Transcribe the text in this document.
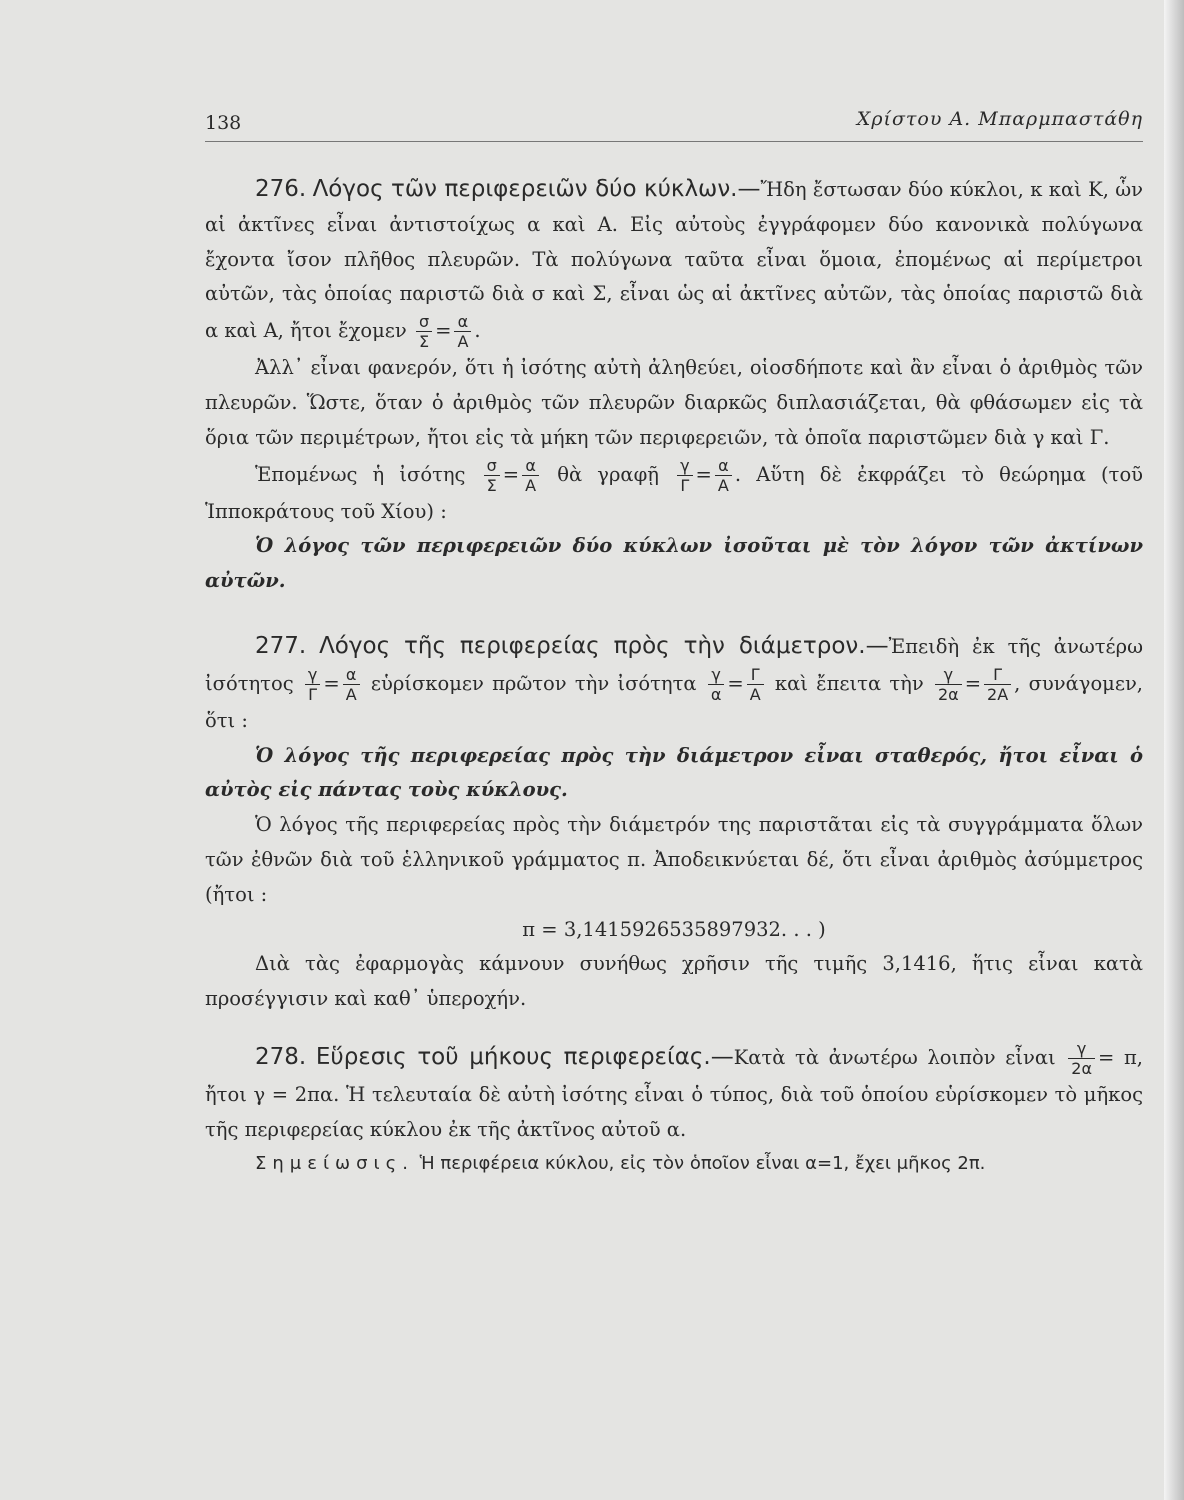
138	Χρίστου Α. Μπαρμπαστάθη

276. Λόγος τῶν περιφερειῶν δύο κύκλων.—Ἤδη ἔστωσαν δύο κύκλοι, κ καὶ Κ, ὧν αἱ ἀκτῖνες εἶναι ἀντιστοίχως α καὶ Α. Εἰς αὐτοὺς ἐγγράφομεν δύο κανονικὰ πολύγωνα ἔχοντα ἴσον πλῆθος πλευρῶν. Τὰ πολύγωνα ταῦτα εἶναι ὅμοια, ἐπομένως αἱ περίμετροι αὐτῶν, τὰς ὁποίας παριστῶ διὰ σ καὶ Σ, εἶναι ὡς αἱ ἀκτῖνες αὐτῶν, τὰς ὁποίας παριστῶ διὰ α καὶ Α, ἤτοι ἔχομεν $\frac{\sigma}{\Sigma} = \frac{\alpha}{A}$ .

Ἀλλ᾽ εἶναι φανερόν, ὅτι ἡ ἰσότης αὐτὴ ἀληθεύει, οἱοσδήποτε καὶ ἂν εἶναι ὁ ἀριθμὸς τῶν πλευρῶν. Ὥστε, ὅταν ὁ ἀριθμὸς τῶν πλευρῶν διαρκῶς διπλασιάζεται, θὰ φθάσωμεν εἰς τὰ ὅρια τῶν περιμέτρων, ἤτοι εἰς τὰ μήκη τῶν περιφερειῶν, τὰ ὁποῖα παριστῶμεν διὰ γ καὶ Γ.

Ἑπομένως ἡ ἰσότης $\frac{\sigma}{\Sigma} = \frac{\alpha}{A}$ θὰ γραφῇ $\frac{\gamma}{\Gamma} = \frac{\alpha}{A}$ . Αὕτη δὲ ἐκφράζει τὸ θεώρημα (τοῦ Ἱπποκράτους τοῦ Χίου) :

Ὁ λόγος τῶν περιφερειῶν δύο κύκλων ἰσοῦται μὲ τὸν λόγον τῶν ἀκτίνων αὐτῶν.

277. Λόγος τῆς περιφερείας πρὸς τὴν διάμετρον.—Ἐπειδὴ ἐκ τῆς ἀνωτέρω ἰσότητος $\frac{\gamma}{\Gamma} = \frac{\alpha}{A}$ εὑρίσκομεν πρῶτον τὴν ἰσότητα $\frac{\gamma}{\alpha} = \frac{\Gamma}{A}$ καὶ ἔπειτα τὴν $\frac{\gamma}{2\alpha} = \frac{\Gamma}{2A}$ , συνάγομεν, ὅτι :

Ὁ λόγος τῆς περιφερείας πρὸς τὴν διάμετρον εἶναι σταθερός, ἤτοι εἶναι ὁ αὐτὸς εἰς πάντας τοὺς κύκλους.

Ὁ λόγος τῆς περιφερείας πρὸς τὴν διάμετρόν της παριστᾶται εἰς τὰ συγγράμματα ὅλων τῶν ἐθνῶν διὰ τοῦ ἑλληνικοῦ γράμματος π. Ἀποδεικνύεται δέ, ὅτι εἶναι ἀριθμὸς ἀσύμμετρος (ἤτοι :

π = 3,1415926535897932. . . )

Διὰ τὰς ἐφαρμογὰς κάμνουν συνήθως χρῆσιν τῆς τιμῆς 3,1416, ἥτις εἶναι κατὰ προσέγγισιν καὶ καθ᾽ ὑπεροχήν.

278. Εὕρεσις τοῦ μήκους περιφερείας.—Κατὰ τὰ ἀνωτέρω λοιπὸν εἶναι $\frac{\gamma}{2\alpha} = \pi$, ἤτοι γ = 2πα. Ἡ τελευταία δὲ αὐτὴ ἰσότης εἶναι ὁ τύπος, διὰ τοῦ ὁποίου εὑρίσκομεν τὸ μῆκος τῆς περιφερείας κύκλου ἐκ τῆς ἀκτῖνος αὐτοῦ α.

Σημείωσις. Ἡ περιφέρεια κύκλου, εἰς τὸν ὁποῖον εἶναι α=1, ἔχει μῆκος 2π.
